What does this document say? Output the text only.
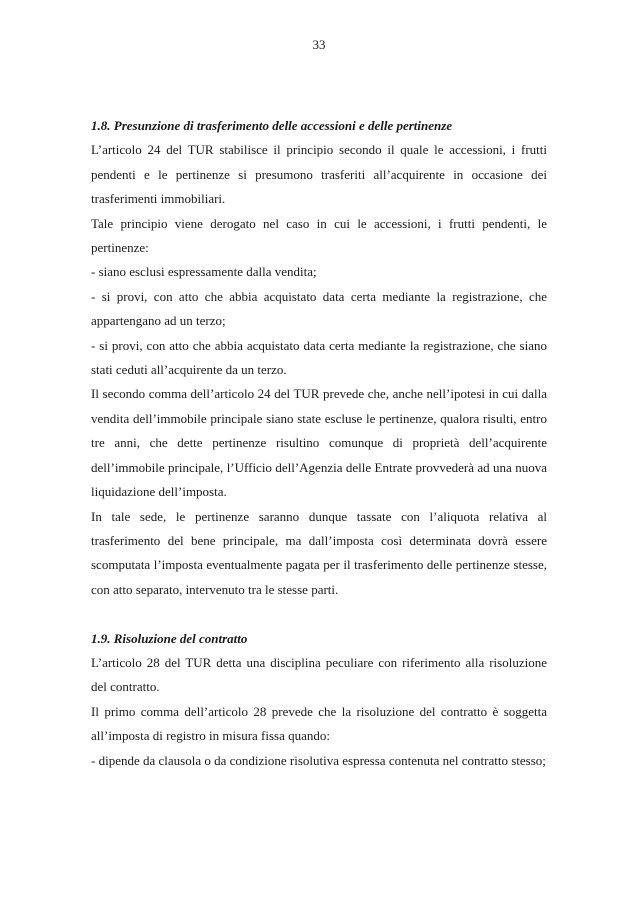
33
1.8. Presunzione di trasferimento delle accessioni e delle pertinenze

L’articolo 24 del TUR stabilisce il principio secondo il quale le accessioni, i frutti pendenti e le pertinenze si presumono trasferiti all’acquirente in occasione dei trasferimenti immobiliari.

Tale principio viene derogato nel caso in cui le accessioni, i frutti pendenti, le pertinenze:

- siano esclusi espressamente dalla vendita;

- si provi, con atto che abbia acquistato data certa mediante la registrazione, che appartengano ad un terzo;

- si provi, con atto che abbia acquistato data certa mediante la registrazione, che siano stati ceduti all’acquirente da un terzo.

Il secondo comma dell’articolo 24 del TUR prevede che, anche nell’ipotesi in cui dalla vendita dell’immobile principale siano state escluse le pertinenze, qualora risulti, entro tre anni, che dette pertinenze risultino comunque di proprietà dell’acquirente dell’immobile principale, l’Ufficio dell’Agenzia delle Entrate provvederà ad una nuova liquidazione dell’imposta.

In tale sede, le pertinenze saranno dunque tassate con l’aliquota relativa al trasferimento del bene principale, ma dall’imposta così determinata dovrà essere scomputata l’imposta eventualmente pagata per il trasferimento delle pertinenze stesse, con atto separato, intervenuto tra le stesse parti.

1.9. Risoluzione del contratto

L’articolo 28 del TUR detta una disciplina peculiare con riferimento alla risoluzione del contratto.

Il primo comma dell’articolo 28 prevede che la risoluzione del contratto è soggetta all’imposta di registro in misura fissa quando:

- dipende da clausola o da condizione risolutiva espressa contenuta nel contratto stesso;
